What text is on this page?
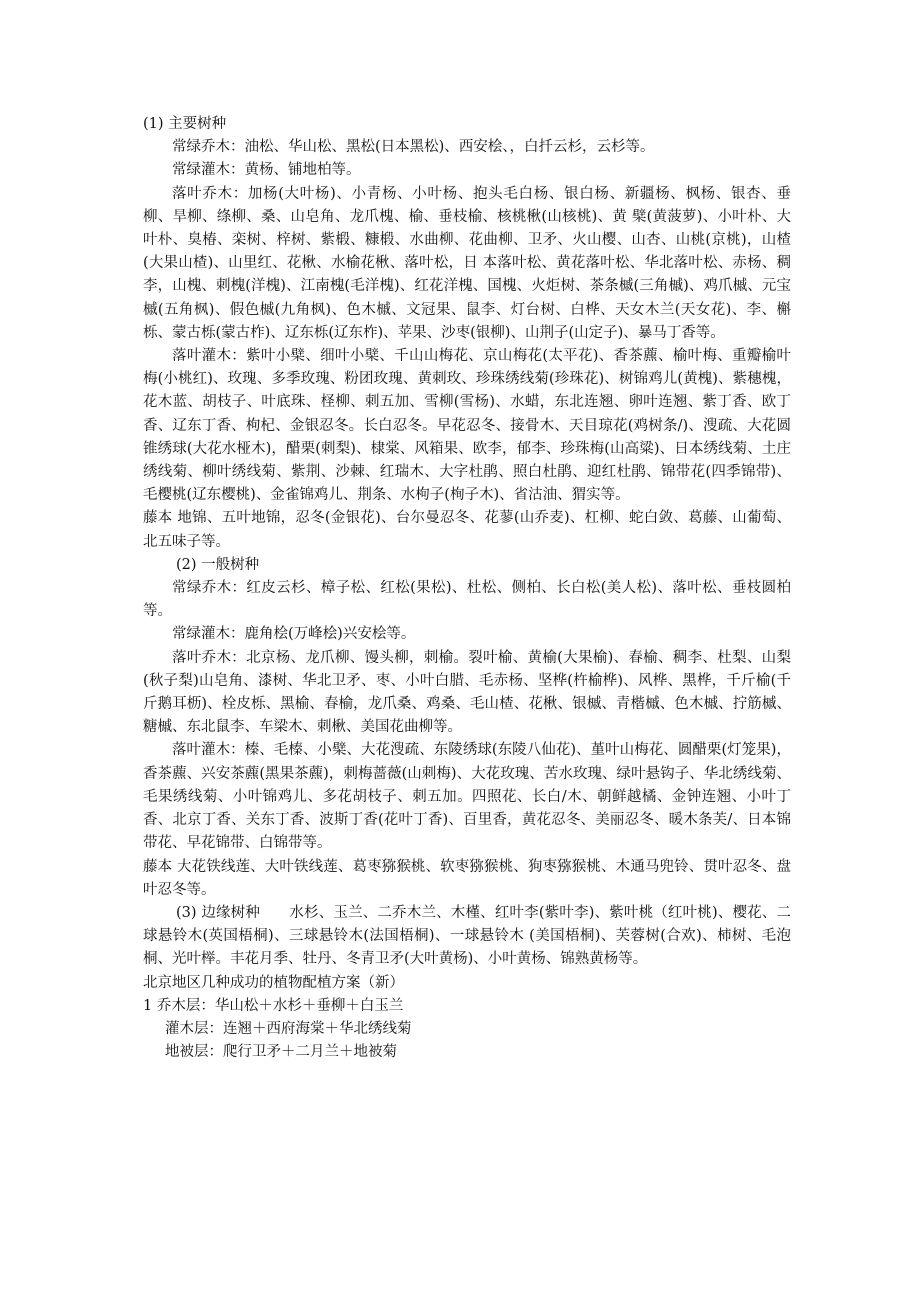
(1) 主要树种

常绿乔木：油松、华山松、黑松(日本黑松)、西安桧、，白扦云杉，云杉等。

常绿灌木：黄杨、铺地柏等。

落叶乔木：加杨(大叶杨)、小青杨、小叶杨、抱头毛白杨、银白杨、新疆杨、枫杨、银杏、垂柳、旱柳、绦柳、桑、山皂角、龙爪槐、榆、垂枝榆、核桃楸(山核桃)、黄 檗(黄菠萝)、小叶朴、大叶朴、臭椿、栾树、梓树、紫椴、糠椴、水曲柳、花曲柳、卫矛、火山樱、山杏、山桃(京桃)，山楂(大果山楂)、山里红、花楸、水榆花楸、落叶松，日 本落叶松、黄花落叶松、华北落叶松、赤杨、稠李，山槐、刺槐(洋槐)、江南槐(毛洋槐)、红花洋槐、国槐、火炬树、茶条槭(三角槭)、鸡爪槭、元宝槭(五角枫)、假色槭(九角枫)、色木槭、文冠果、鼠李、灯台树、白桦、天女木兰(天女花)、李、槲栎、蒙古栎(蒙古柞)、辽东栎(辽东柞)、苹果、沙枣(银柳)、山荆子(山定子)、暴马丁香等。

落叶灌木：紫叶小檗、细叶小檗、千山山梅花、京山梅花(太平花)、香茶藨、榆叶梅、重瓣榆叶梅(小桃红)、玫瑰、多季玫瑰、粉团玫瑰、黄刺玫、珍珠绣线菊(珍珠花)、树锦鸡儿(黄槐)、紫穗槐，花木蓝、胡枝子、叶底珠、柽柳、刺五加、雪柳(雪杨)、水蜡，东北连翘、卵叶连翘、紫丁香、欧丁香、辽东丁香、枸杞、金银忍冬。长白忍冬。早花忍冬、接骨木、天目琼花(鸡树条/)、溲疏、大花圆锥绣球(大花水桠木)，醋栗(刺梨)、棣棠、风箱果、欧李，郁李、珍珠梅(山高粱)、日本绣线菊、土庄绣线菊、柳叶绣线菊、紫荆、沙棘、红瑞木、大字杜鹃、照白杜鹃、迎红杜鹃、锦带花(四季锦带)、毛樱桃(辽东樱桃)、金雀锦鸡儿、荆条、水枸子(栒子木)、省沽油、猬实等。

藤本 地锦、五叶地锦，忍冬(金银花)、台尔曼忍冬、花蓼(山乔麦)、杠柳、蛇白敛、葛藤、山葡萄、北五味子等。

(2) 一般树种

常绿乔木：红皮云杉、樟子松、红松(果松)、杜松、侧柏、长白松(美人松)、落叶松、垂枝圆柏等。

常绿灌木：鹿角桧(万峰桧)兴安桧等。

落叶乔木：北京杨、龙爪柳、馒头柳，刺榆。裂叶榆、黄榆(大果榆)、春榆、稠李、杜梨、山梨(秋子梨)山皂角、漆树、华北卫矛、枣、小叶白腊、毛赤杨、坚桦(杵榆桦)、风桦、黑桦，千斤榆(千斤鹅耳枥)、栓皮栎、黑榆、春榆，龙爪桑、鸡桑、毛山楂、花楸、银槭、青楷槭、色木槭、拧筋槭、糖槭、东北鼠李、车梁木、刺楸、美国花曲柳等。

落叶灌木：榛、毛榛、小檗、大花溲疏、东陵绣球(东陵八仙花)、堇叶山梅花、圆醋栗(灯笼果)，香茶藨、兴安茶藨(黑果茶藨)，刺梅蔷薇(山刺梅)、大花玫瑰、苦水玫瑰、绿叶悬钩子、华北绣线菊、毛果绣线菊、小叶锦鸡儿、多花胡枝子、刺五加。四照花、长白/木、朝鲜越橘、金钟连翘、小叶丁香、北京丁香、关东丁香、波斯丁香(花叶丁香)、百里香，黄花忍冬、美丽忍冬、暖木条芙/、日本锦带花、早花锦带、白锦带等。

藤本 大花铁线莲、大叶铁线莲、葛枣猕猴桃、软枣猕猴桃、狗枣猕猴桃、木通马兜铃、贯叶忍冬、盘叶忍冬等。

(3) 边缘树种　　水杉、玉兰、二乔木兰、木槿、红叶李(紫叶李)、紫叶桃（红叶桃)、樱花、二球悬铃木(英国梧桐)、三球悬铃木(法国梧桐)、一球悬铃木 (美国梧桐)、芙蓉树(合欢)、柿树、毛泡桐、光叶榉。丰花月季、牡丹、冬青卫矛(大叶黄杨)、小叶黄杨、锦熟黄杨等。

北京地区几种成功的植物配植方案（新）

1 乔木层：华山松＋水杉＋垂柳＋白玉兰

灌木层：连翘＋西府海棠＋华北绣线菊

地被层：爬行卫矛＋二月兰＋地被菊
